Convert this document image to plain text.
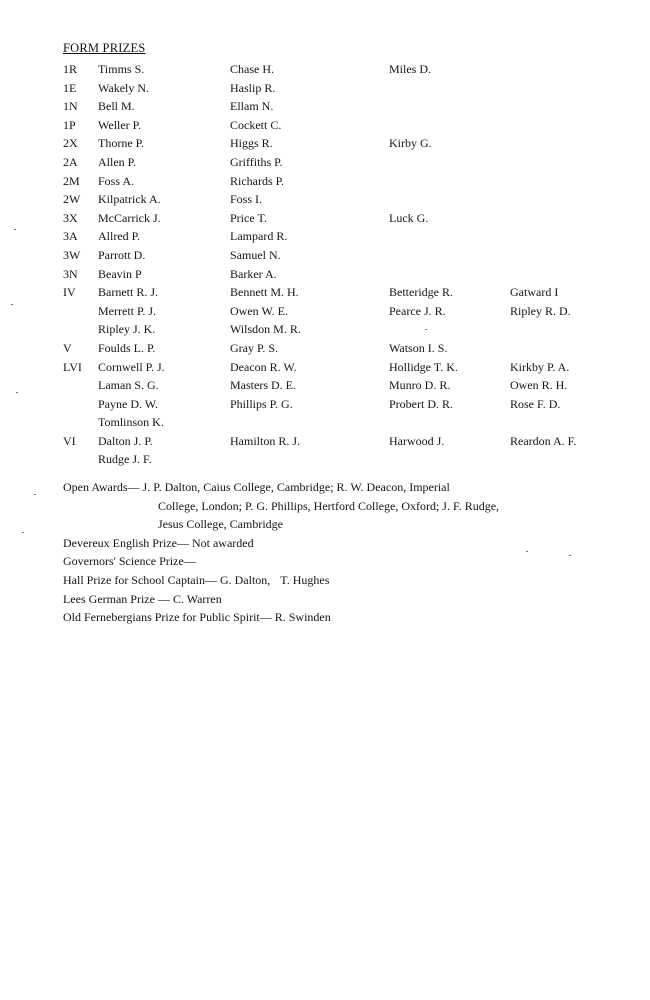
FORM PRIZES
1R Timms S.	Chase H.	Miles D.
1E Wakely N.	Haslip R.
1N Bell M.	Ellam N.
1P Weller P.	Cockett C.
2X Thorne P.	Higgs R.	Kirby G.
2A Allen P.	Griffiths P.
2M Foss A.	Richards P.
2W Kilpatrick A.	Foss I.
3X McCarrick J.	Price T.	Luck G.
3A Allred P.	Lampard R.
3W Parrott D.	Samuel N.
3N Beavin P	Barker A.
IV Barnett R. J.	Bennett M. H.	Betteridge R.	Gatward I
Merrett P. J.	Owen W. E.	Pearce J. R.	Ripley R. D.
Ripley J. K.	Wilsdon M. R.
V Foulds L. P.	Gray P. S.	Watson I. S.
LVI Cornwell P. J.	Deacon R. W.	Hollidge T. K.	Kirkby P. A.
Laman S. G.	Masters D. E.	Munro D. R.	Owen R. H.
Payne D. W.	Phillips P. G.	Probert D. R.	Rose F. D.
Tomlinson K.
VI Dalton J. P.	Hamilton R. J.	Harwood J.	Reardon A. F.
Rudge J. F.
Open Awards— J. P. Dalton, Caius College, Cambridge; R. W. Deacon, Imperial
College, London; P. G. Phillips, Hertford College, Oxford; J. F. Rudge,
Jesus College, Cambridge
Devereux English Prize— Not awarded
Governors' Science Prize—
Hall Prize for School Captain— G. Dalton, T. Hughes
Lees German Prize — C. Warren
Old Fernebergians Prize for Public Spirit— R. Swinden
